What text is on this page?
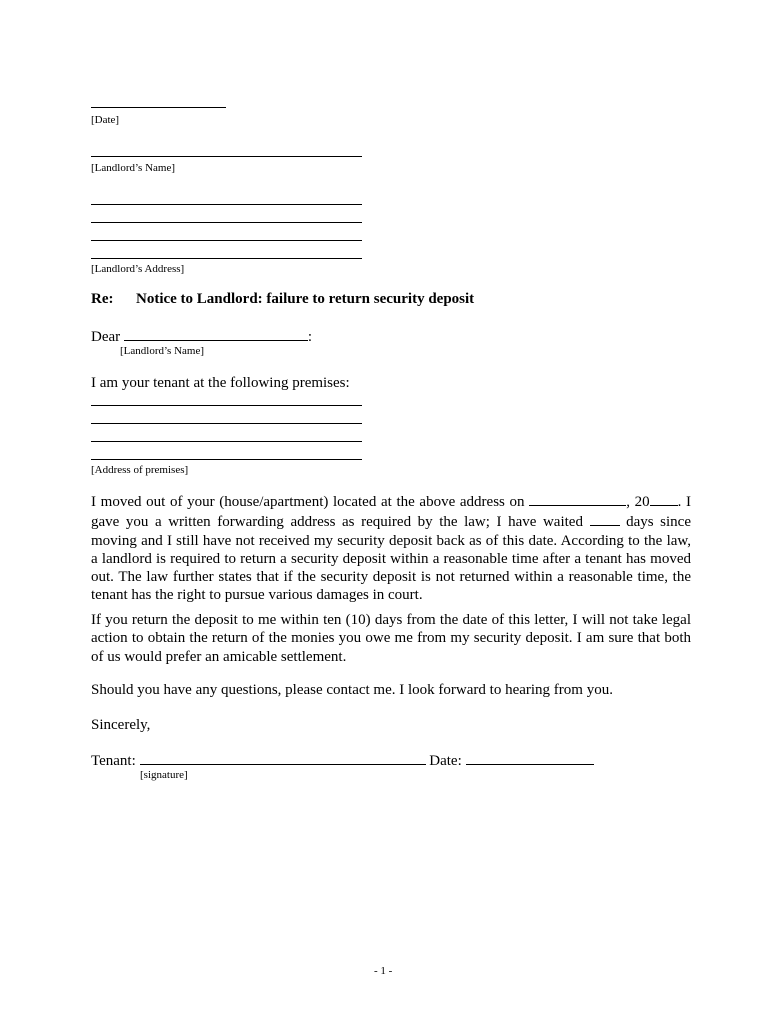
[Date]
[Landlord’s Name]
[Landlord’s Address]
Re: Notice to Landlord: failure to return security deposit
Dear	:
[Landlord’s Name]
I am your tenant at the following premises:
[Address of premises]
I moved out of your (house/apartment) located at the above address on	, 20 . I gave you a written forwarding address as required by the law; I have waited	days since moving and I still have not received my security deposit back as of this date. According to the law, a landlord is required to return a security deposit within a reasonable time after a tenant has moved out. The law further states that if the security deposit is not returned within a reasonable time, the tenant has the right to pursue various damages in court.
If you return the deposit to me within ten (10) days from the date of this letter, I will not take legal action to obtain the return of the monies you owe me from my security deposit. I am sure that both of us would prefer an amicable settlement.
Should you have any questions, please contact me. I look forward to hearing from you.
Sincerely,
Tenant:	Date:
[signature]
- 1 -
